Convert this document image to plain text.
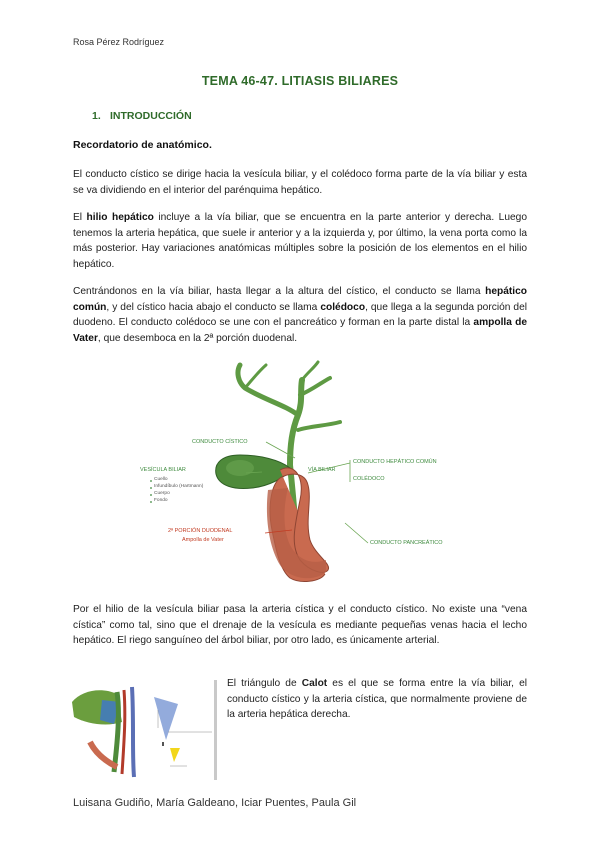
Rosa Pérez Rodríguez
TEMA 46-47. LITIASIS BILIARES
1. INTRODUCCIÓN
Recordatorio de anatómico.
El conducto cístico se dirige hacia la vesícula biliar, y el colédoco forma parte de la vía biliar y esta se va dividiendo en el interior del parénquima hepático.
El hilio hepático incluye a la vía biliar, que se encuentra en la parte anterior y derecha. Luego tenemos la arteria hepática, que suele ir anterior y a la izquierda y, por último, la vena porta como la más posterior. Hay variaciones anatómicas múltiples sobre la posición de los elementos en el hilio hepático.
Centrándonos en la vía biliar, hasta llegar a la altura del cístico, el conducto se llama hepático común, y del cístico hacia abajo el conducto se llama colédoco, que llega a la segunda porción del duodeno. El conducto colédoco se une con el pancreático y forman en la parte distal la ampolla de Vater, que desemboca en la 2ª porción duodenal.
CONDUCTO CÍSTICO
VESÍCULA BILIAR
Cuello
Infundíbulo (Hartmann)
Cuerpo
Fondo
VÍA BILIAR
CONDUCTO HEPÁTICO COMÚN
COLÉDOCO
2ª PORCIÓN DUODENAL
Ampolla de Vater	CONDUCTO PANCREÁTICO
Por el hilio de la vesícula biliar pasa la arteria cística y el conducto cístico. No existe una “vena cística” como tal, sino que el drenaje de la vesícula es mediante pequeñas venas hacia el lecho hepático. El riego sanguíneo del árbol biliar, por otro lado, es únicamente arterial.
El triángulo de Calot es el que se forma entre la vía biliar, el conducto cístico y la arteria cística, que normalmente proviene de la arteria hepática derecha.
Luisana Gudiño, María Galdeano, Iciar Puentes, Paula Gil
